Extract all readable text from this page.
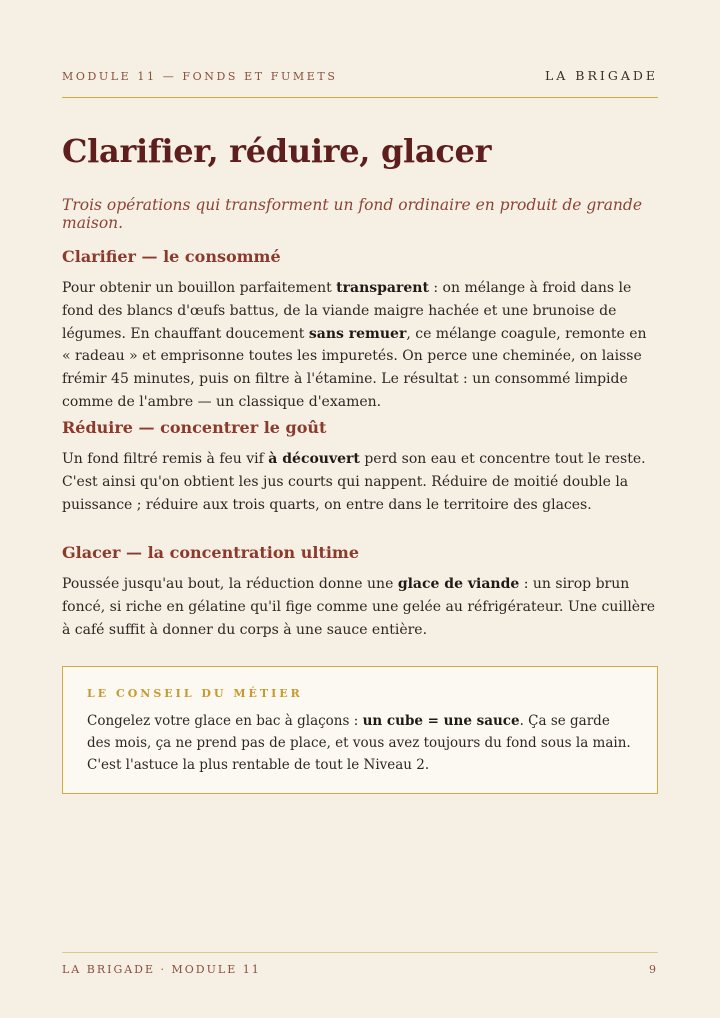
MODULE 11 — FONDS ET FUMETS	LA BRIGADE
Clarifier, réduire, glacer

Trois opérations qui transforment un fond ordinaire en produit de grande maison.

Clarifier — le consommé

Pour obtenir un bouillon parfaitement transparent : on mélange à froid dans le fond des blancs d'œufs battus, de la viande maigre hachée et une brunoise de légumes. En chauffant doucement sans remuer, ce mélange coagule, remonte en « radeau » et emprisonne toutes les impuretés. On perce une cheminée, on laisse frémir 45 minutes, puis on filtre à l'étamine. Le résultat : un consommé limpide comme de l'ambre — un classique d'examen.

Réduire — concentrer le goût

Un fond filtré remis à feu vif à découvert perd son eau et concentre tout le reste. C'est ainsi qu'on obtient les jus courts qui nappent. Réduire de moitié double la puissance ; réduire aux trois quarts, on entre dans le territoire des glaces.

Glacer — la concentration ultime

Poussée jusqu'au bout, la réduction donne une glace de viande : un sirop brun foncé, si riche en gélatine qu'il fige comme une gelée au réfrigérateur. Une cuillère à café suffit à donner du corps à une sauce entière.

LE CONSEIL DU MÉTIER

Congelez votre glace en bac à glaçons : un cube = une sauce. Ça se garde des mois, ça ne prend pas de place, et vous avez toujours du fond sous la main. C'est l'astuce la plus rentable de tout le Niveau 2.

LA BRIGADE · MODULE 11	9
